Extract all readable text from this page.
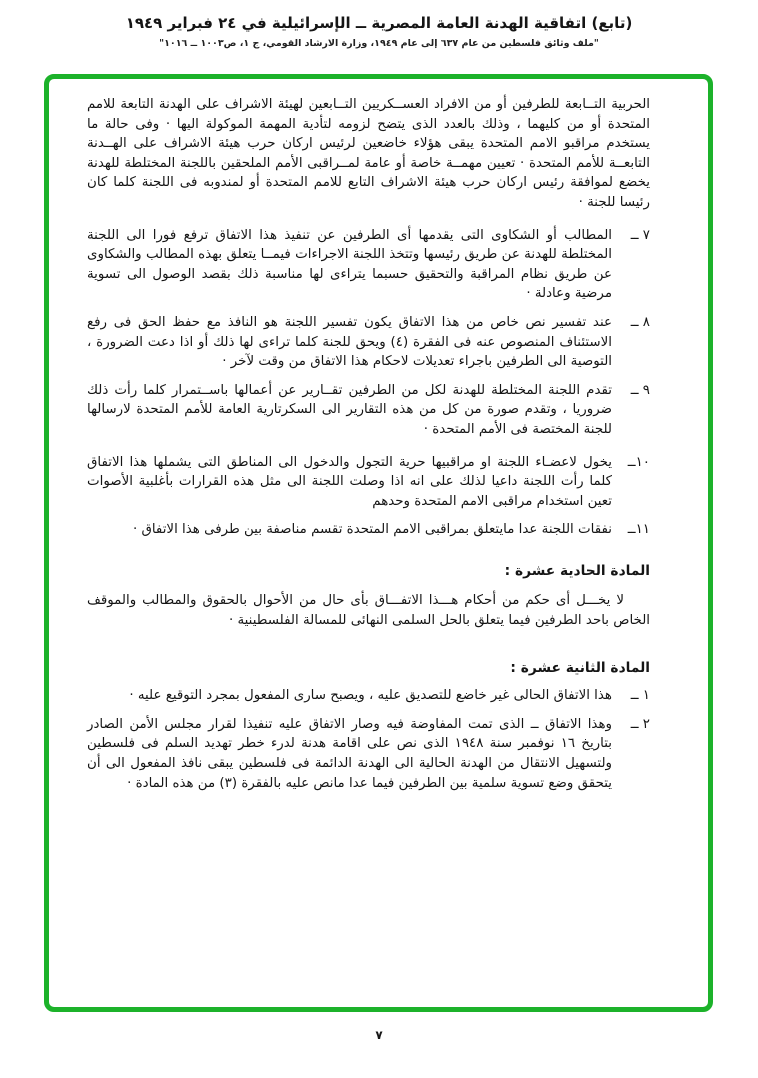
(تابع) اتفاقية الهدنة العامة المصرية ــ الإسرائيلية في ٢٤ فبراير ١٩٤٩
"ملف وثائق فلسطين من عام ٦٣٧ إلى عام ١٩٤٩، وزارة الارشاد القومي، ج ١، ص١٠٠٣ ــ ١٠١٦"

الحربية التــابعة للطرفين أو من الافراد العســكريين التــابعين لهيئة الاشراف على الهدنة التابعة للامم المتحدة أو من كليهما ، وذلك بالعدد الذى يتضح لزومه لتأدية المهمة الموكولة اليها · وفى حالة ما يستخدم مراقبو الامم المتحدة يبقى هؤلاء خاضعين لرئيس اركان حرب هيئة الاشراف على الهــدنة التابعــة للأمم المتحدة · تعيين مهمــة خاصة أو عامة لمــراقبى الأمم الملحقين باللجنة المختلطة للهدنة يخضع لموافقة رئيس اركان حرب هيئة الاشراف التابع للامم المتحدة أو لمندوبه فى اللجنة كلما كان رئيسا للجنة ·

٧ ــ
المطالب أو الشكاوى التى يقدمها أى الطرفين عن تنفيذ هذا الاتفاق ترفع فورا الى اللجنة المختلطة للهدنة عن طريق رئيسها وتتخذ اللجنة الاجراءات فيمــا يتعلق بهذه المطالب والشكاوى عن طريق نظام المراقبة والتحقيق حسبما يتراءى لها مناسبة ذلك بقصد الوصول الى تسوية مرضية وعادلة ·
٨ ــ
عند تفسير نص خاص من هذا الاتفاق يكون تفسير اللجنة هو النافذ مع حفظ الحق فى رفع الاستئناف المنصوص عنه فى الفقرة (٤) ويحق للجنة كلما تراءى لها ذلك أو اذا دعت الضرورة ، التوصية الى الطرفين باجراء تعديلات لاحكام هذا الاتفاق من وقت لآخر ·
٩ ــ
تقدم اللجنة المختلطة للهدنة لكل من الطرفين تقــارير عن أعمالها باســتمرار كلما رأت ذلك ضروريا ، وتقدم صورة من كل من هذه التقارير الى السكرتارية العامة للأمم المتحدة لارسالها للجنة المختصة فى الأمم المتحدة ·
١٠ــ
يخول لاعضـاء اللجنة او مراقبيها حرية التجول والدخول الى المناطق التى يشملها هذا الاتفاق كلما رأت اللجنة داعيا لذلك على انه اذا وصلت اللجنة الى مثل هذه القرارات بأغلبية الأصوات تعين استخدام مراقبى الامم المتحدة وحدهم
١١ــ
نفقات اللجنة عدا مايتعلق بمراقبى الامم المتحدة تقسم مناصفة بين طرفى هذا الاتفاق ·
المادة الحادية عشرة :

لا يخـــل أى حكم من أحكام هـــذا الاتفـــاق بأى حال من الأحوال بالحقوق والمطالب والموقف الخاص باحد الطرفين فيما يتعلق بالحل السلمى النهائى للمسالة الفلسطينية ·

المادة الثانية عشرة :
١ ــ
هذا الاتفاق الحالى غير خاضع للتصديق عليه ، ويصبح سارى المفعول بمجرد التوقيع عليه ·
٢ ــ
وهذا الاتفاق ــ الذى تمت المفاوضة فيه وصار الاتفاق عليه تنفيذا لقرار مجلس الأمن الصادر بتاريخ ١٦ نوفمبر سنة ١٩٤٨ الذى نص على اقامة هدنة لدرء خطر تهديد السلم فى فلسطين ولتسهيل الانتقال من الهدنة الحالية الى الهدنة الدائمة فى فلسطين يبقى نافذ المفعول الى أن يتحقق وضع تسوية سلمية بين الطرفين فيما عدا مانص عليه بالفقرة (٣) من هذه المادة ·
٧
